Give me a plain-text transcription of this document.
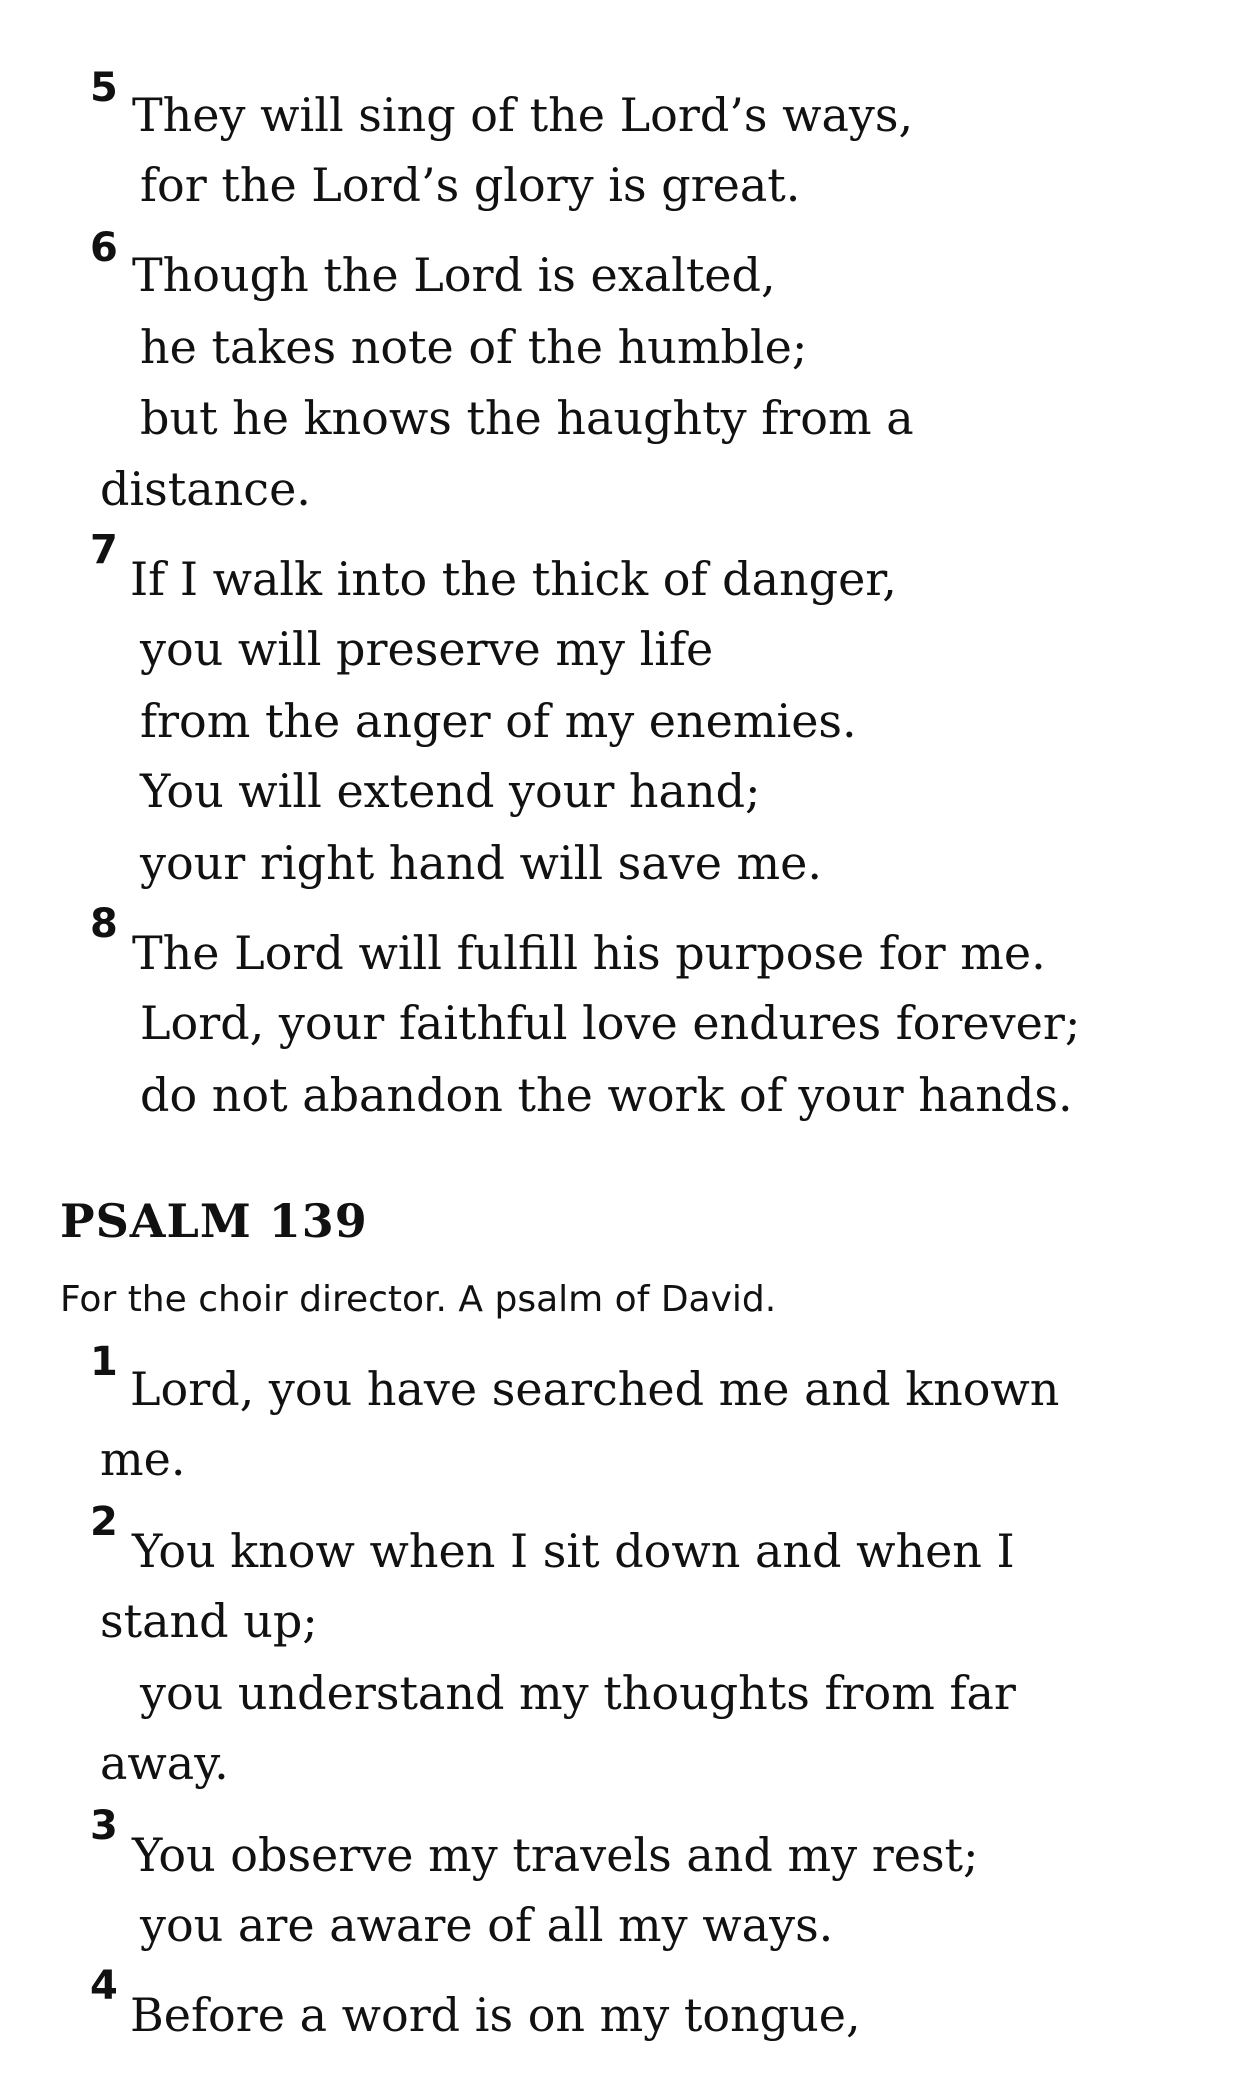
5 They will sing of the Lord’s ways,
for the Lord’s glory is great.
6 Though the Lord is exalted,
he takes note of the humble;
but he knows the haughty from a
distance.
7
If I walk into the thick of danger,
you will preserve my life
from the anger of my enemies.
You will extend your hand;
your right hand will save me.
8
The Lord will fulfill his purpose for me.
Lord, your faithful love endures forever;
do not abandon the work of your hands.
PSALM 139
For the choir director. A psalm of David.
1 Lord, you have searched me and known
me.
2
You know when I sit down and when I
stand up;
you understand my thoughts from far
away.
3
You observe my travels and my rest;
you are aware of all my ways.
4
Before a word is on my tongue,
